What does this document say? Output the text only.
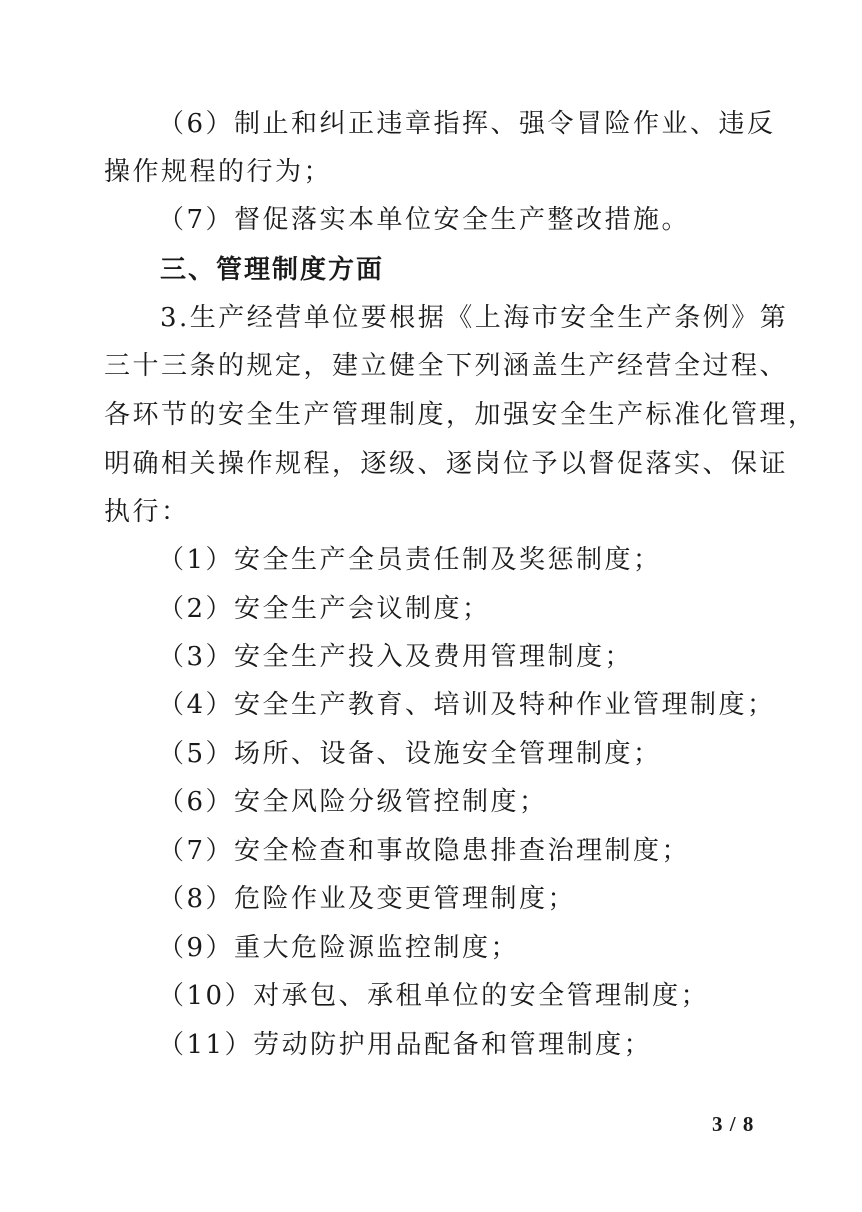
（6）制止和纠正违章指挥、强令冒险作业、违反
操作规程的行为；
（7）督促落实本单位安全生产整改措施。
三、管理制度方面
3.生产经营单位要根据《上海市安全生产条例》第
三十三条的规定，建立健全下列涵盖生产经营全过程、
各环节的安全生产管理制度，加强安全生产标准化管理，
明确相关操作规程，逐级、逐岗位予以督促落实、保证
执行：
（1）安全生产全员责任制及奖惩制度；
（2）安全生产会议制度；
（3）安全生产投入及费用管理制度；
（4）安全生产教育、培训及特种作业管理制度；
（5）场所、设备、设施安全管理制度；
（6）安全风险分级管控制度；
（7）安全检查和事故隐患排查治理制度；
（8）危险作业及变更管理制度；
（9）重大危险源监控制度；
（10）对承包、承租单位的安全管理制度；
（11）劳动防护用品配备和管理制度；
3 / 8
